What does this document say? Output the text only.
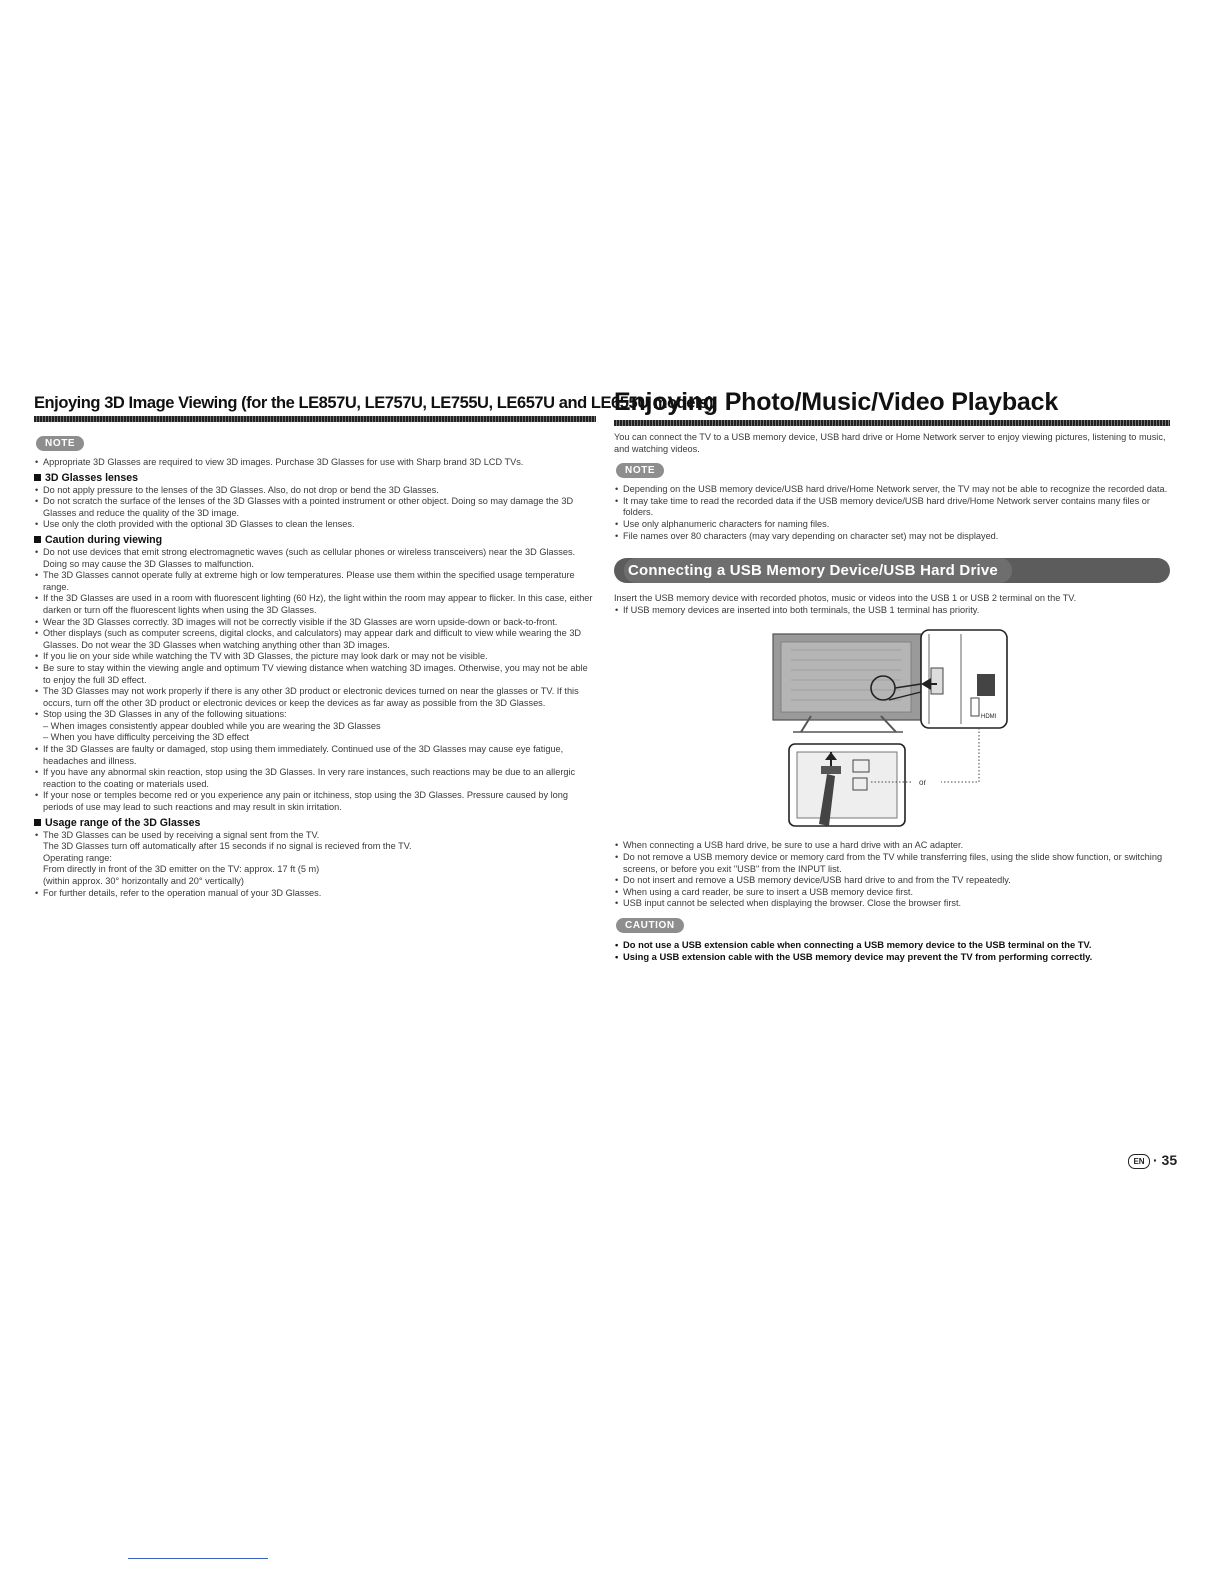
Enjoying 3D Image Viewing (for the LE857U, LE757U, LE755U, LE657U and LE655U models)
NOTE
• Appropriate 3D Glasses are required to view 3D images. Purchase 3D Glasses for use with Sharp brand 3D LCD TVs.
3D Glasses lenses
• Do not apply pressure to the lenses of the 3D Glasses. Also, do not drop or bend the 3D Glasses.
• Do not scratch the surface of the lenses of the 3D Glasses with a pointed instrument or other object. Doing so may damage the 3D Glasses and reduce the quality of the 3D image.
• Use only the cloth provided with the optional 3D Glasses to clean the lenses.
Caution during viewing
• Do not use devices that emit strong electromagnetic waves (such as cellular phones or wireless transceivers) near the 3D Glasses. Doing so may cause the 3D Glasses to malfunction.
• The 3D Glasses cannot operate fully at extreme high or low temperatures. Please use them within the specified usage temperature range.
• If the 3D Glasses are used in a room with fluorescent lighting (60 Hz), the light within the room may appear to flicker. In this case, either darken or turn off the fluorescent lights when using the 3D Glasses.
• Wear the 3D Glasses correctly. 3D images will not be correctly visible if the 3D Glasses are worn upside-down or back-to-front.
• Other displays (such as computer screens, digital clocks, and calculators) may appear dark and difficult to view while wearing the 3D Glasses. Do not wear the 3D Glasses when watching anything other than 3D images.
• If you lie on your side while watching the TV with 3D Glasses, the picture may look dark or may not be visible.
• Be sure to stay within the viewing angle and optimum TV viewing distance when watching 3D images. Otherwise, you may not be able to enjoy the full 3D effect.
• The 3D Glasses may not work properly if there is any other 3D product or electronic devices turned on near the glasses or TV. If this occurs, turn off the other 3D product or electronic devices or keep the devices as far away as possible from the 3D Glasses.
• Stop using the 3D Glasses in any of the following situations:
– When images consistently appear doubled while you are wearing the 3D Glasses
– When you have difficulty perceiving the 3D effect
• If the 3D Glasses are faulty or damaged, stop using them immediately. Continued use of the 3D Glasses may cause eye fatigue, headaches and illness.
• If you have any abnormal skin reaction, stop using the 3D Glasses. In very rare instances, such reactions may be due to an allergic reaction to the coating or materials used.
• If your nose or temples become red or you experience any pain or itchiness, stop using the 3D Glasses. Pressure caused by long periods of use may lead to such reactions and may result in skin irritation.
Usage range of the 3D Glasses
• The 3D Glasses can be used by receiving a signal sent from the TV.
The 3D Glasses turn off automatically after 15 seconds if no signal is recieved from the TV.
Operating range:
From directly in front of the 3D emitter on the TV: approx. 17 ft (5 m)
(within approx. 30° horizontally and 20° vertically)
• For further details, refer to the operation manual of your 3D Glasses.
Enjoying Photo/Music/Video Playback

You can connect the TV to a USB memory device, USB hard drive or Home Network server to enjoy viewing pictures, listening to music, and watching videos.

NOTE
• Depending on the USB memory device/USB hard drive/Home Network server, the TV may not be able to recognize the recorded data.
• It may take time to read the recorded data if the USB memory device/USB hard drive/Home Network server contains many files or folders.
• Use only alphanumeric characters for naming files.
• File names over 80 characters (may vary depending on character set) may not be displayed.
Connecting a USB Memory Device/USB Hard Drive

Insert the USB memory device with recorded photos, music or videos into the USB 1 or USB 2 terminal on the TV.

• If USB memory devices are inserted into both terminals, the USB 1 terminal has priority.
HDMI
or
• When connecting a USB hard drive, be sure to use a hard drive with an AC adapter.
• Do not remove a USB memory device or memory card from the TV while transferring files, using the slide show function, or switching screens, or before you exit "USB" from the INPUT list.
• Do not insert and remove a USB memory device/USB hard drive to and from the TV repeatedly.
• When using a card reader, be sure to insert a USB memory device first.
• USB input cannot be selected when displaying the browser. Close the browser first.
CAUTION
• Do not use a USB extension cable when connecting a USB memory device to the USB terminal on the TV.
• Using a USB extension cable with the USB memory device may prevent the TV from performing correctly.
EN · 35
